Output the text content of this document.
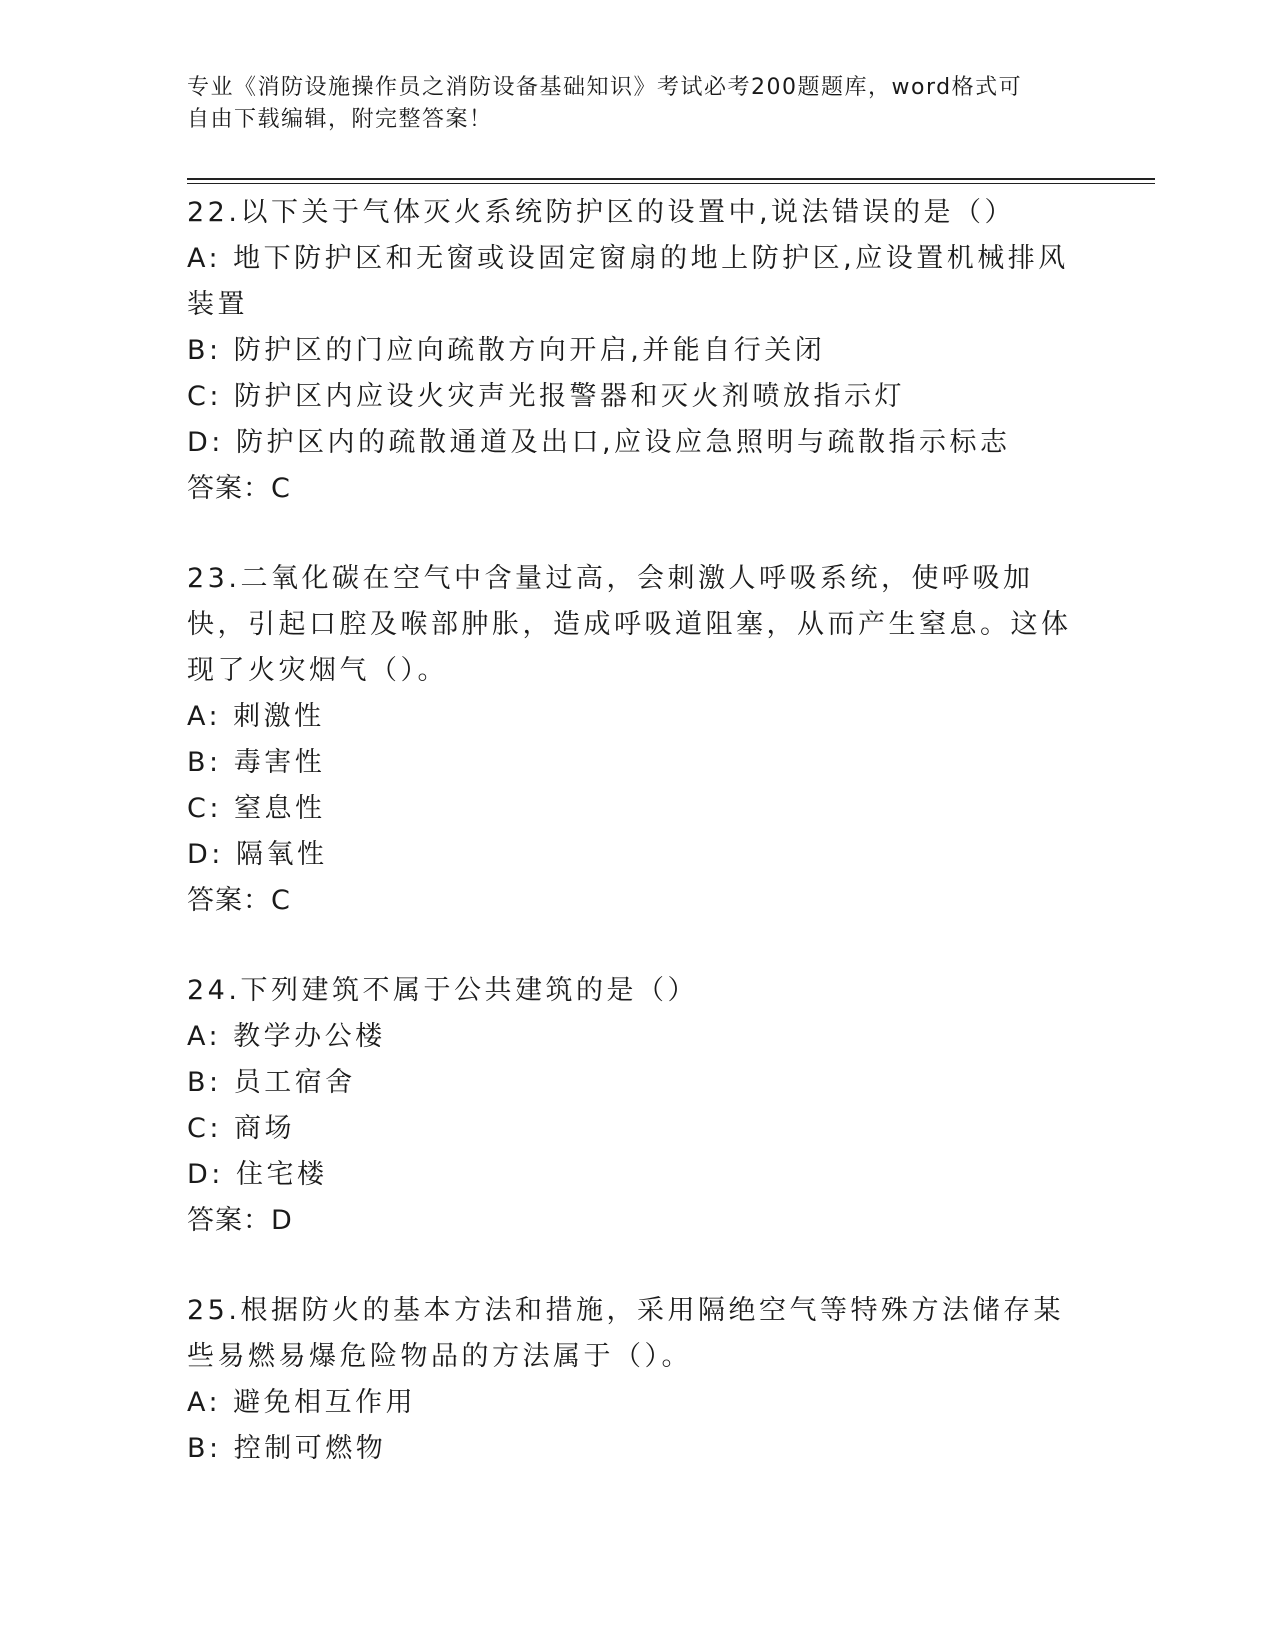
专业《消防设施操作员之消防设备基础知识》考试必考200题题库，word格式可
自由下载编辑，附完整答案！

22.以下关于气体灭火系统防护区的设置中,说法错误的是（）

A: 地下防护区和无窗或设固定窗扇的地上防护区,应设置机械排风装置

B: 防护区的门应向疏散方向开启,并能自行关闭

C: 防护区内应设火灾声光报警器和灭火剂喷放指示灯

D: 防护区内的疏散通道及出口,应设应急照明与疏散指示标志

答案：C

23.二氧化碳在空气中含量过高，会刺激人呼吸系统，使呼吸加快，引起口腔及喉部肿胀，造成呼吸道阻塞，从而产生窒息。这体现了火灾烟气（）。

A: 刺激性

B: 毒害性

C: 窒息性

D: 隔氧性

答案：C

24.下列建筑不属于公共建筑的是（）

A: 教学办公楼

B: 员工宿舍

C: 商场

D: 住宅楼

答案：D

25.根据防火的基本方法和措施，采用隔绝空气等特殊方法储存某些易燃易爆危险物品的方法属于（）。

A: 避免相互作用

B: 控制可燃物
